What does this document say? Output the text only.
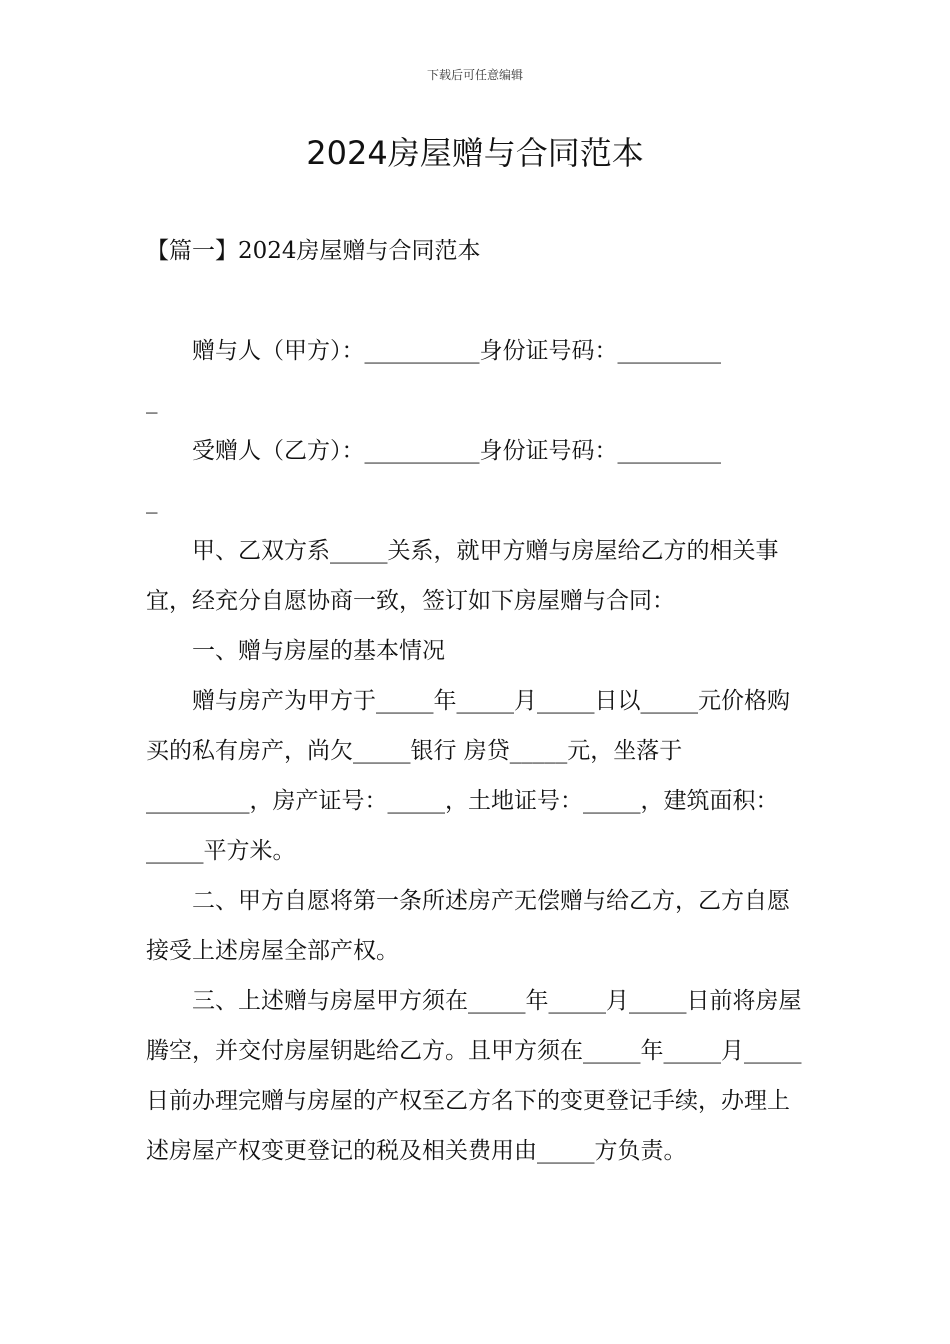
下载后可任意编辑
2024房屋赠与合同范本
【篇一】2024房屋赠与合同范本

赠与人（甲方）：__________身份证号码：_________

_

受赠人（乙方）：__________身份证号码：_________

_

甲、乙双方系_____关系，就甲方赠与房屋给乙方的相关事宜，经充分自愿协商一致，签订如下房屋赠与合同：

一、赠与房屋的基本情况

赠与房产为甲方于_____年_____月_____日以_____元价格购买的私有房产，尚欠_____银行 房贷_____元，坐落于_________，房产证号：_____，土地证号：_____，建筑面积：_____平方米。

二、甲方自愿将第一条所述房产无偿赠与给乙方，乙方自愿接受上述房屋全部产权。

三、上述赠与房屋甲方须在_____年_____月_____日前将房屋腾空，并交付房屋钥匙给乙方。且甲方须在_____年_____月_____日前办理完赠与房屋的产权至乙方名下的变更登记手续，办理上述房屋产权变更登记的税及相关费用由_____方负责。
